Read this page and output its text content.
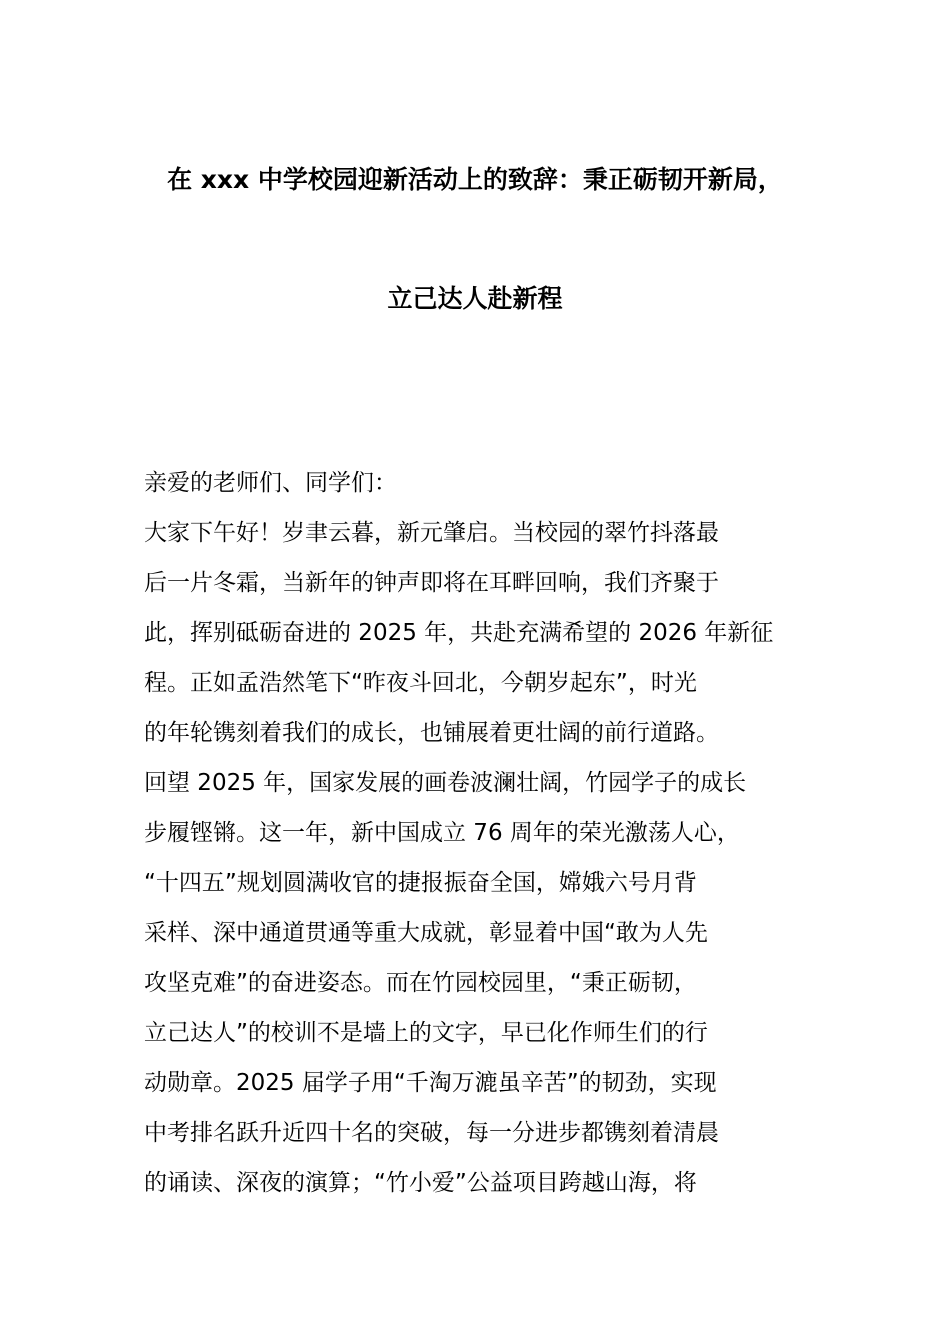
在 xxx 中学校园迎新活动上的致辞：秉正砺韧开新局，
立己达人赴新程
亲爱的老师们、同学们：
大家下午好！岁聿云暮，新元肇启。当校园的翠竹抖落最
后一片冬霜，当新年的钟声即将在耳畔回响，我们齐聚于
此，挥别砥砺奋进的 2025 年，共赴充满希望的 2026 年新征
程。正如孟浩然笔下“昨夜斗回北，今朝岁起东”，时光
的年轮镌刻着我们的成长，也铺展着更壮阔的前行道路。
回望 2025 年，国家发展的画卷波澜壮阔，竹园学子的成长
步履铿锵。这一年，新中国成立 76 周年的荣光激荡人心，
“十四五”规划圆满收官的捷报振奋全国，嫦娥六号月背
采样、深中通道贯通等重大成就，彰显着中国“敢为人先
攻坚克难”的奋进姿态。而在竹园校园里，“秉正砺韧，
立己达人”的校训不是墙上的文字，早已化作师生们的行
动勋章。2025 届学子用“千淘万漉虽辛苦”的韧劲，实现
中考排名跃升近四十名的突破，每一分进步都镌刻着清晨
的诵读、深夜的演算；“竹小爱”公益项目跨越山海，将
